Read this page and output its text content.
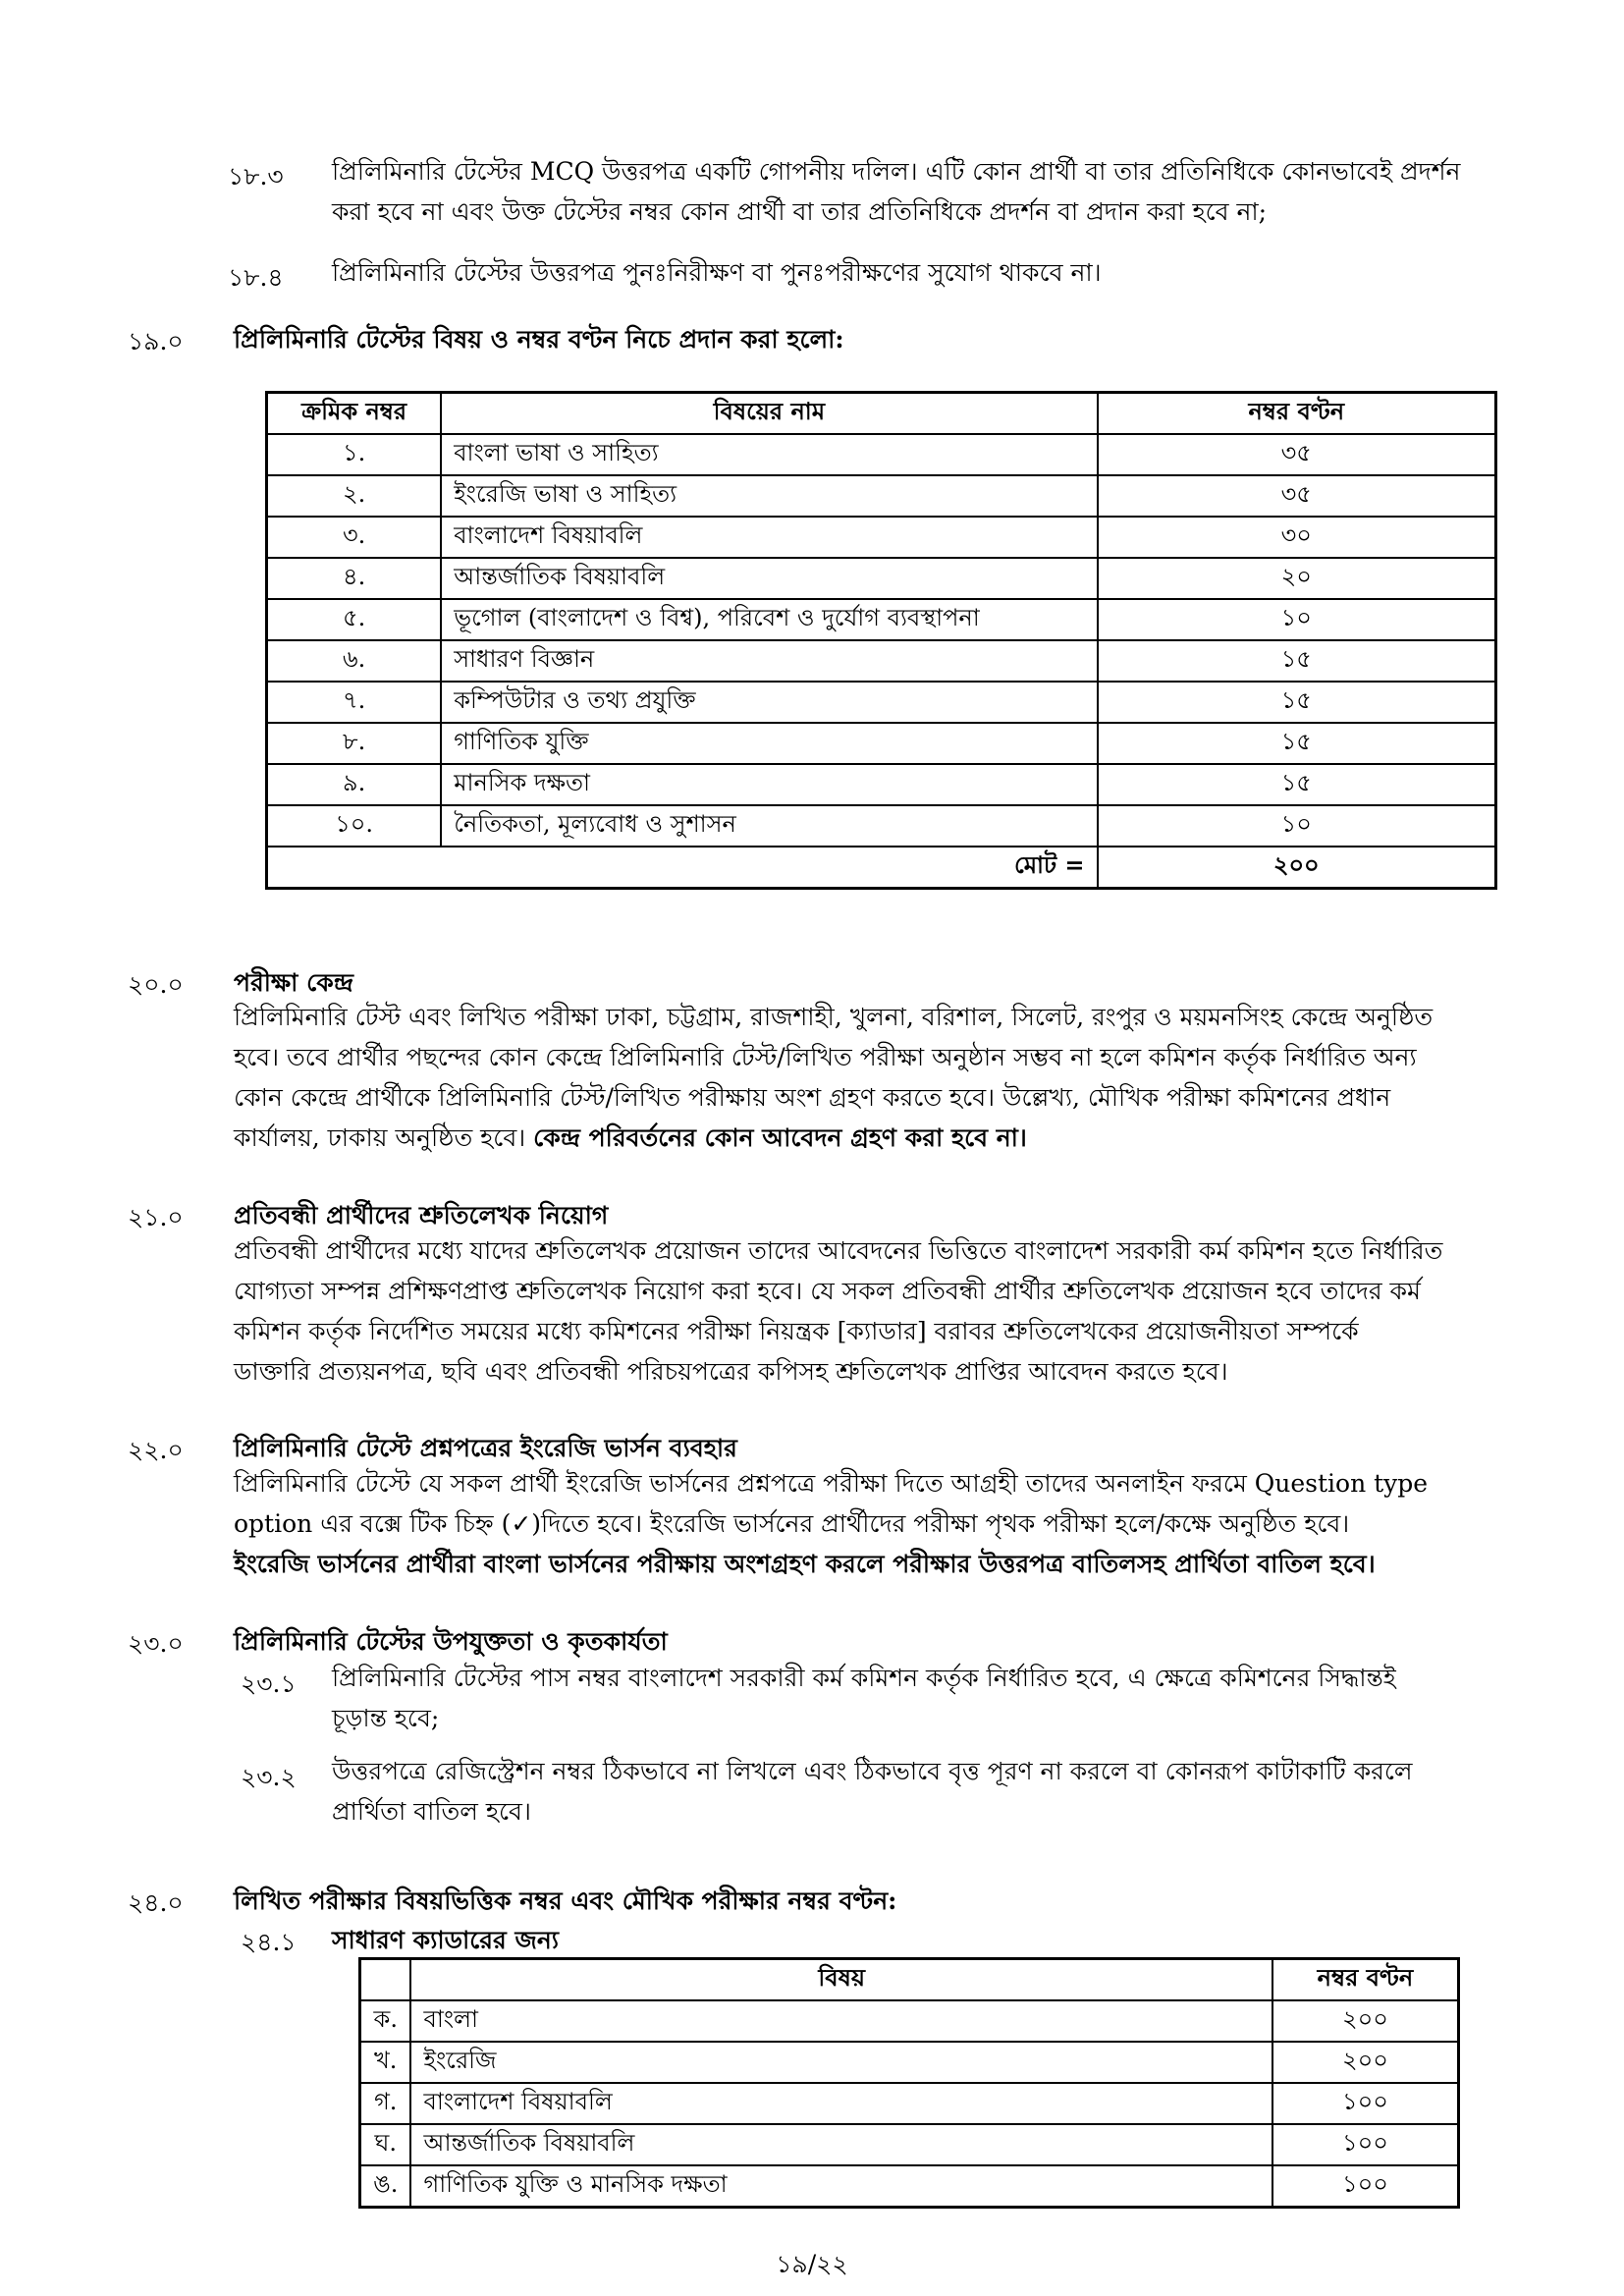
১৮.৩ প্রিলিমিনারি টেস্টের MCQ উত্তরপত্র একটি গোপনীয় দলিল। এটি কোন প্রার্থী বা তার প্রতিনিধিকে কোনভাবেই প্রদর্শন
করা হবে না এবং উক্ত টেস্টের নম্বর কোন প্রার্থী বা তার প্রতিনিধিকে প্রদর্শন বা প্রদান করা হবে না;
১৮.৪ প্রিলিমিনারি টেস্টের উত্তরপত্র পুনঃনিরীক্ষণ বা পুনঃপরীক্ষণের সুযোগ থাকবে না।
১৯.০ প্রিলিমিনারি টেস্টের বিষয় ও নম্বর বণ্টন নিচে প্রদান করা হলো:
ক্রমিক নম্বর	বিষয়ের নাম	নম্বর বণ্টন
১.	বাংলা ভাষা ও সাহিত্য	৩৫
২.	ইংরেজি ভাষা ও সাহিত্য	৩৫
৩.	বাংলাদেশ বিষয়াবলি	৩০
৪.	আন্তর্জাতিক বিষয়াবলি	২০
৫.	ভূগোল (বাংলাদেশ ও বিশ্ব), পরিবেশ ও দুর্যোগ ব্যবস্থাপনা	১০
৬.	সাধারণ বিজ্ঞান	১৫
৭.	কম্পিউটার ও তথ্য প্রযুক্তি	১৫
৮.	গাণিতিক যুক্তি	১৫
৯.	মানসিক দক্ষতা	১৫
১০.	নৈতিকতা, মূল্যবোধ ও সুশাসন	১০
মোট =		২০০
২০.০ পরীক্ষা কেন্দ্র
প্রিলিমিনারি টেস্ট এবং লিখিত পরীক্ষা ঢাকা, চট্টগ্রাম, রাজশাহী, খুলনা, বরিশাল, সিলেট, রংপুর ও ময়মনসিংহ কেন্দ্রে অনুষ্ঠিত
হবে। তবে প্রার্থীর পছন্দের কোন কেন্দ্রে প্রিলিমিনারি টেস্ট/লিখিত পরীক্ষা অনুষ্ঠান সম্ভব না হলে কমিশন কর্তৃক নির্ধারিত অন্য
কোন কেন্দ্রে প্রার্থীকে প্রিলিমিনারি টেস্ট/লিখিত পরীক্ষায় অংশ গ্রহণ করতে হবে। উল্লেখ্য, মৌখিক পরীক্ষা কমিশনের প্রধান
কার্যালয়, ঢাকায় অনুষ্ঠিত হবে। কেন্দ্র পরিবর্তনের কোন আবেদন গ্রহণ করা হবে না।
২১.০ প্রতিবন্ধী প্রার্থীদের শ্রুতিলেখক নিয়োগ
প্রতিবন্ধী প্রার্থীদের মধ্যে যাদের শ্রুতিলেখক প্রয়োজন তাদের আবেদনের ভিত্তিতে বাংলাদেশ সরকারী কর্ম কমিশন হতে নির্ধারিত
যোগ্যতা সম্পন্ন প্রশিক্ষণপ্রাপ্ত শ্রুতিলেখক নিয়োগ করা হবে। যে সকল প্রতিবন্ধী প্রার্থীর শ্রুতিলেখক প্রয়োজন হবে তাদের কর্ম
কমিশন কর্তৃক নির্দেশিত সময়ের মধ্যে কমিশনের পরীক্ষা নিয়ন্ত্রক [ক্যাডার] বরাবর শ্রুতিলেখকের প্রয়োজনীয়তা সম্পর্কে
ডাক্তারি প্রত্যয়নপত্র, ছবি এবং প্রতিবন্ধী পরিচয়পত্রের কপিসহ শ্রুতিলেখক প্রাপ্তির আবেদন করতে হবে।
২২.০ প্রিলিমিনারি টেস্টে প্রশ্নপত্রের ইংরেজি ভার্সন ব্যবহার
প্রিলিমিনারি টেস্টে যে সকল প্রার্থী ইংরেজি ভার্সনের প্রশ্নপত্রে পরীক্ষা দিতে আগ্রহী তাদের অনলাইন ফরমে Question type
option এর বক্সে টিক চিহ্ন (✓)দিতে হবে। ইংরেজি ভার্সনের প্রার্থীদের পরীক্ষা পৃথক পরীক্ষা হলে/কক্ষে অনুষ্ঠিত হবে।
ইংরেজি ভার্সনের প্রার্থীরা বাংলা ভার্সনের পরীক্ষায় অংশগ্রহণ করলে পরীক্ষার উত্তরপত্র বাতিলসহ প্রার্থিতা বাতিল হবে।
২৩.০ প্রিলিমিনারি টেস্টের উপযুক্ততা ও কৃতকার্যতা
২৩.১ প্রিলিমিনারি টেস্টের পাস নম্বর বাংলাদেশ সরকারী কর্ম কমিশন কর্তৃক নির্ধারিত হবে, এ ক্ষেত্রে কমিশনের সিদ্ধান্তই
চূড়ান্ত হবে;
২৩.২ উত্তরপত্রে রেজিস্ট্রেশন নম্বর ঠিকভাবে না লিখলে এবং ঠিকভাবে বৃত্ত পূরণ না করলে বা কোনরূপ কাটাকাটি করলে
প্রার্থিতা বাতিল হবে।
২৪.০ লিখিত পরীক্ষার বিষয়ভিত্তিক নম্বর এবং মৌখিক পরীক্ষার নম্বর বণ্টন:
২৪.১ সাধারণ ক্যাডারের জন্য
	বিষয়	নম্বর বণ্টন
ক.	বাংলা	২০০
খ.	ইংরেজি	২০০
গ.	বাংলাদেশ বিষয়াবলি	১০০
ঘ.	আন্তর্জাতিক বিষয়াবলি	১০০
ঙ.	গাণিতিক যুক্তি ও মানসিক দক্ষতা	১০০
১৯/২২
